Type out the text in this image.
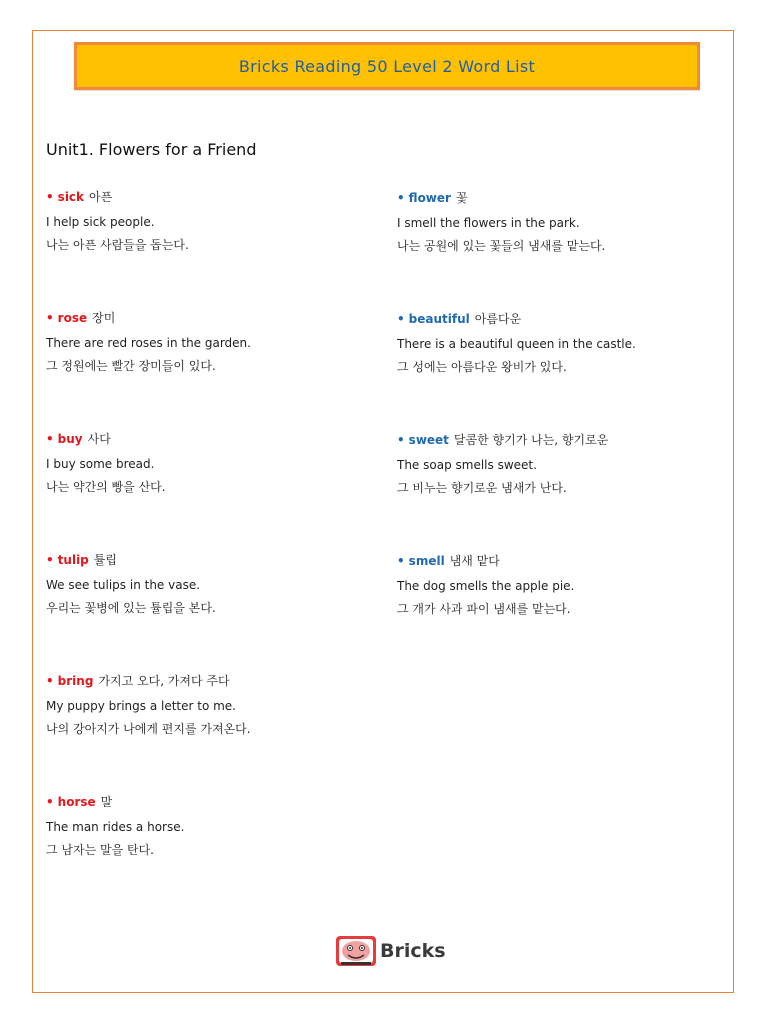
Bricks Reading 50 Level 2 Word List
Unit1. Flowers for a Friend
• sick 아픈
I help sick people.
나는 아픈 사람들을 돕는다.
• rose 장미
There are red roses in the garden.
그 정원에는 빨간 장미들이 있다.
• buy 사다
I buy some bread.
나는 약간의 빵을 산다.
• tulip 튤립
We see tulips in the vase.
우리는 꽃병에 있는 튤립을 본다.
• bring 가지고 오다, 가져다 주다
My puppy brings a letter to me.
나의 강아지가 나에게 편지를 가져온다.
• horse 말
The man rides a horse.
그 남자는 말을 탄다.
• flower 꽃
I smell the flowers in the park.
나는 공원에 있는 꽃들의 냄새를 맡는다.
• beautiful 아름다운
There is a beautiful queen in the castle.
그 성에는 아름다운 왕비가 있다.
• sweet 달콤한 향기가 나는, 향기로운
The soap smells sweet.
그 비누는 향기로운 냄새가 난다.
• smell 냄새 맡다
The dog smells the apple pie.
그 개가 사과 파이 냄새를 맡는다.
Bricks
